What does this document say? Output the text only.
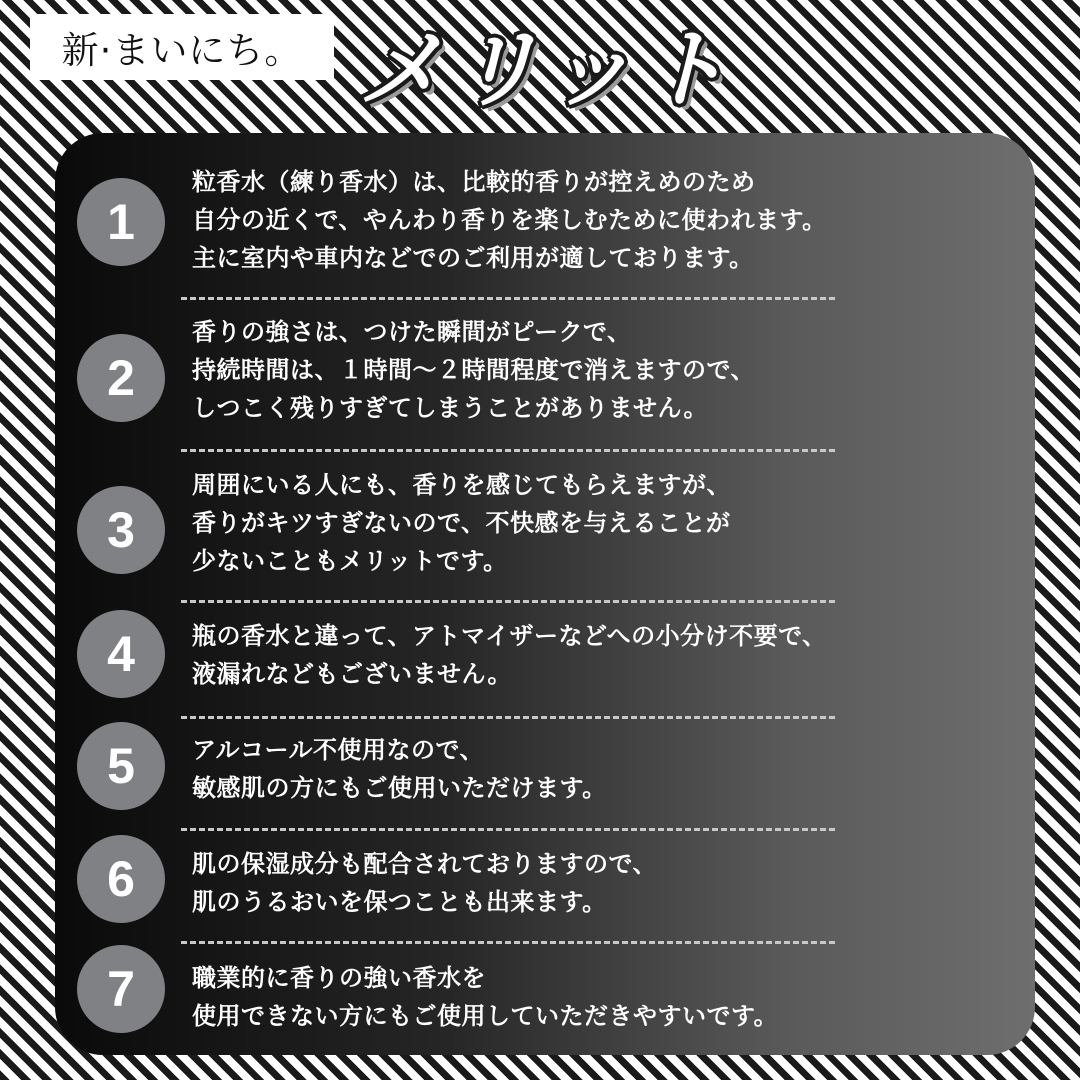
新·まいにち。 メリット
1
粒香水（練り香水）は、比較的香りが控えめのため
自分の近くで、やんわり香りを楽しむために使われます。
主に室内や車内などでのご利用が適しております。
2
香りの強さは、つけた瞬間がピークで、
持続時間は、１時間〜２時間程度で消えますので、
しつこく残りすぎてしまうことがありません。
3
周囲にいる人にも、香りを感じてもらえますが、
香りがキツすぎないので、不快感を与えることが
少ないこともメリットです。
4	瓶の香水と違って、アトマイザーなどへの小分け不要で、
液漏れなどもございません。
5	アルコール不使用なので、
敏感肌の方にもご使用いただけます。
6	肌の保湿成分も配合されておりますので、
肌のうるおいを保つことも出来ます。
7	職業的に香りの強い香水を
使用できない方にもご使用していただきやすいです。
